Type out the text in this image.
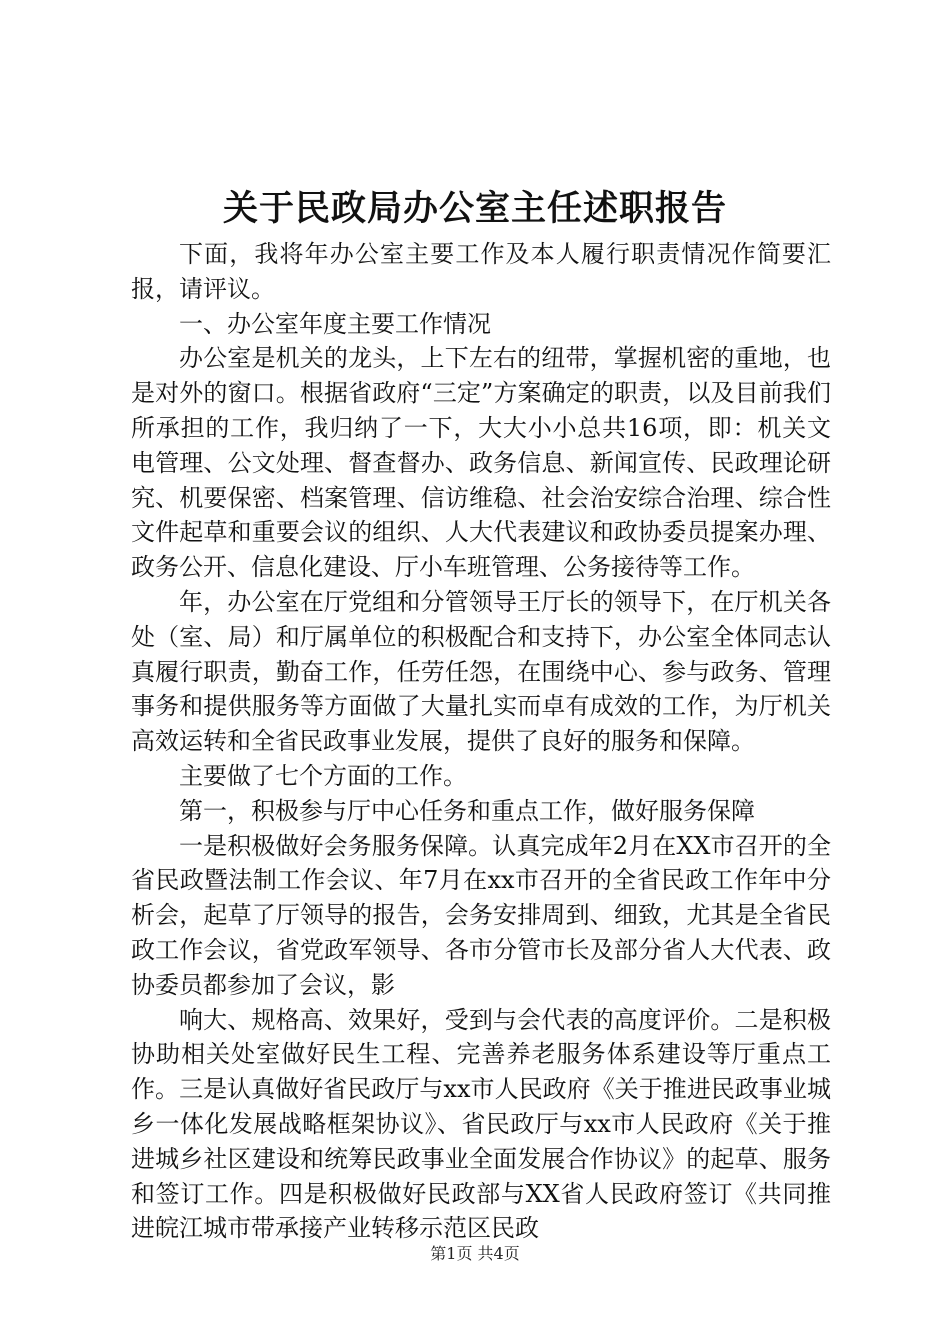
关于民政局办公室主任述职报告

下面，我将年办公室主要工作及本人履行职责情况作简要汇报，请评议。

一、办公室年度主要工作情况

办公室是机关的龙头，上下左右的纽带，掌握机密的重地，也是对外的窗口。根据省政府“三定”方案确定的职责，以及目前我们所承担的工作，我归纳了一下，大大小小总共16项，即：机关文电管理、公文处理、督查督办、政务信息、新闻宣传、民政理论研究、机要保密、档案管理、信访维稳、社会治安综合治理、综合性文件起草和重要会议的组织、人大代表建议和政协委员提案办理、政务公开、信息化建设、厅小车班管理、公务接待等工作。

年，办公室在厅党组和分管领导王厅长的领导下，在厅机关各处（室、局）和厅属单位的积极配合和支持下，办公室全体同志认真履行职责，勤奋工作，任劳任怨，在围绕中心、参与政务、管理事务和提供服务等方面做了大量扎实而卓有成效的工作，为厅机关高效运转和全省民政事业发展，提供了良好的服务和保障。

主要做了七个方面的工作。

第一，积极参与厅中心任务和重点工作，做好服务保障

一是积极做好会务服务保障。认真完成年2月在XX市召开的全省民政暨法制工作会议、年7月在xx市召开的全省民政工作年中分析会，起草了厅领导的报告，会务安排周到、细致，尤其是全省民政工作会议，省党政军领导、各市分管市长及部分省人大代表、政协委员都参加了会议，影

响大、规格高、效果好，受到与会代表的高度评价。二是积极协助相关处室做好民生工程、完善养老服务体系建设等厅重点工作。三是认真做好省民政厅与xx市人民政府《关于推进民政事业城乡一体化发展战略框架协议》、省民政厅与xx市人民政府《关于推进城乡社区建设和统筹民政事业全面发展合作协议》的起草、服务和签订工作。四是积极做好民政部与XX省人民政府签订《共同推进皖江城市带承接产业转移示范区民政

第1页 共4页
